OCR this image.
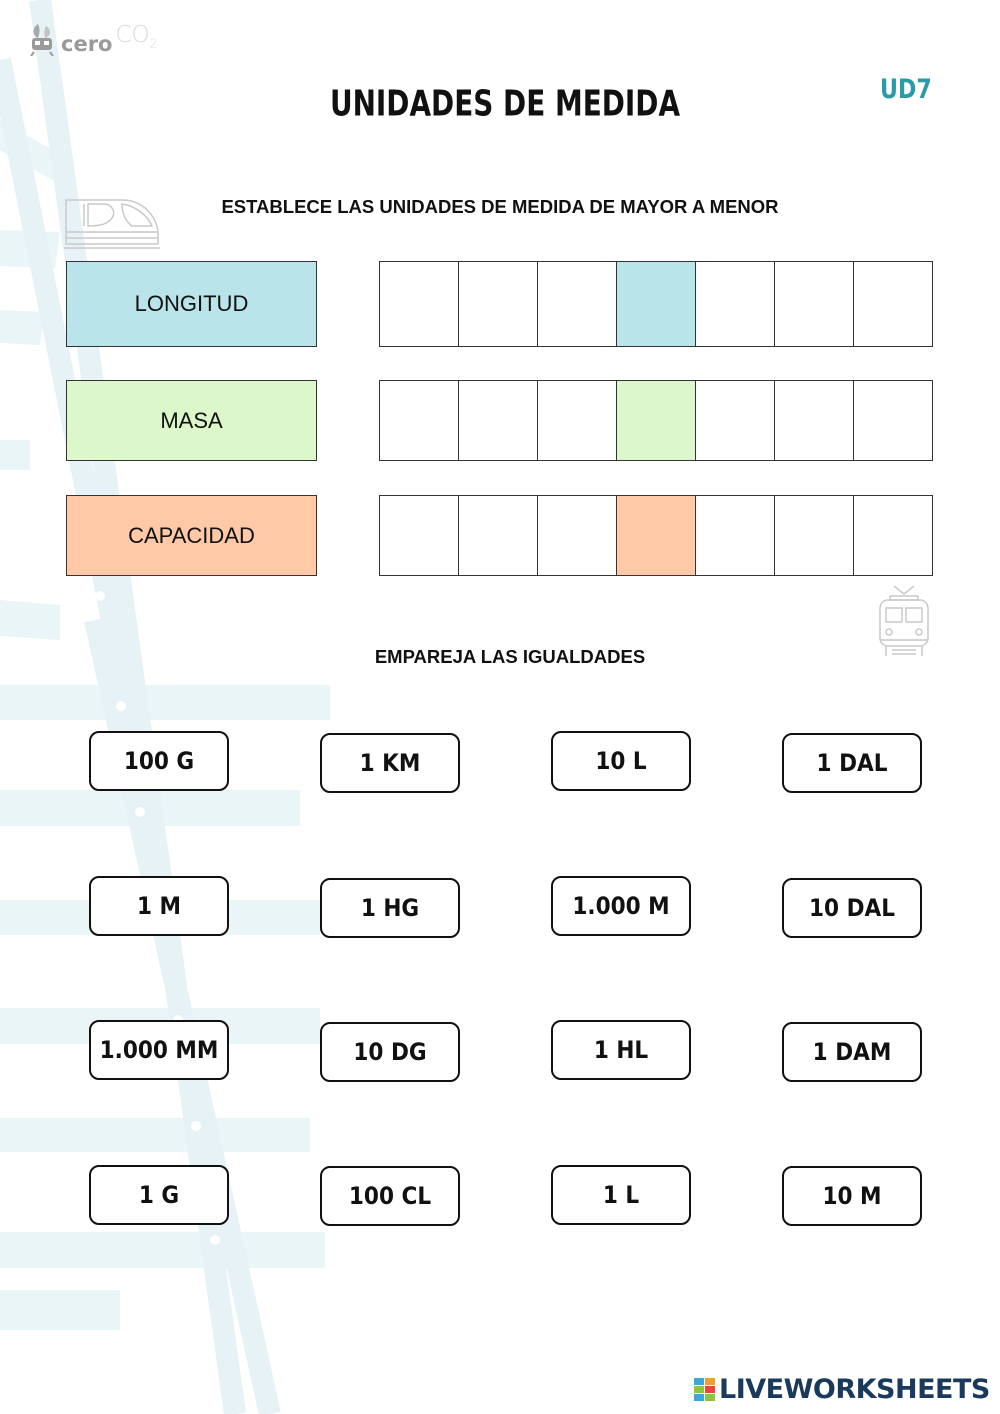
cero $CO_2$
UNIDADES DE MEDIDA	UD7
ESTABLECE LAS UNIDADES DE MEDIDA DE MAYOR A MENOR
LONGITUD
MASA
CAPACIDAD
EMPAREJA LAS IGUALDADES
100 G	1 KM	10 L	1 DAL
1 M	1 HG	1.000 M	10 DAL
1.000 MM	10 DG	1 HL	1 DAM
1 G	100 CL	1 L	10 M
LIVEWORKSHEETS
